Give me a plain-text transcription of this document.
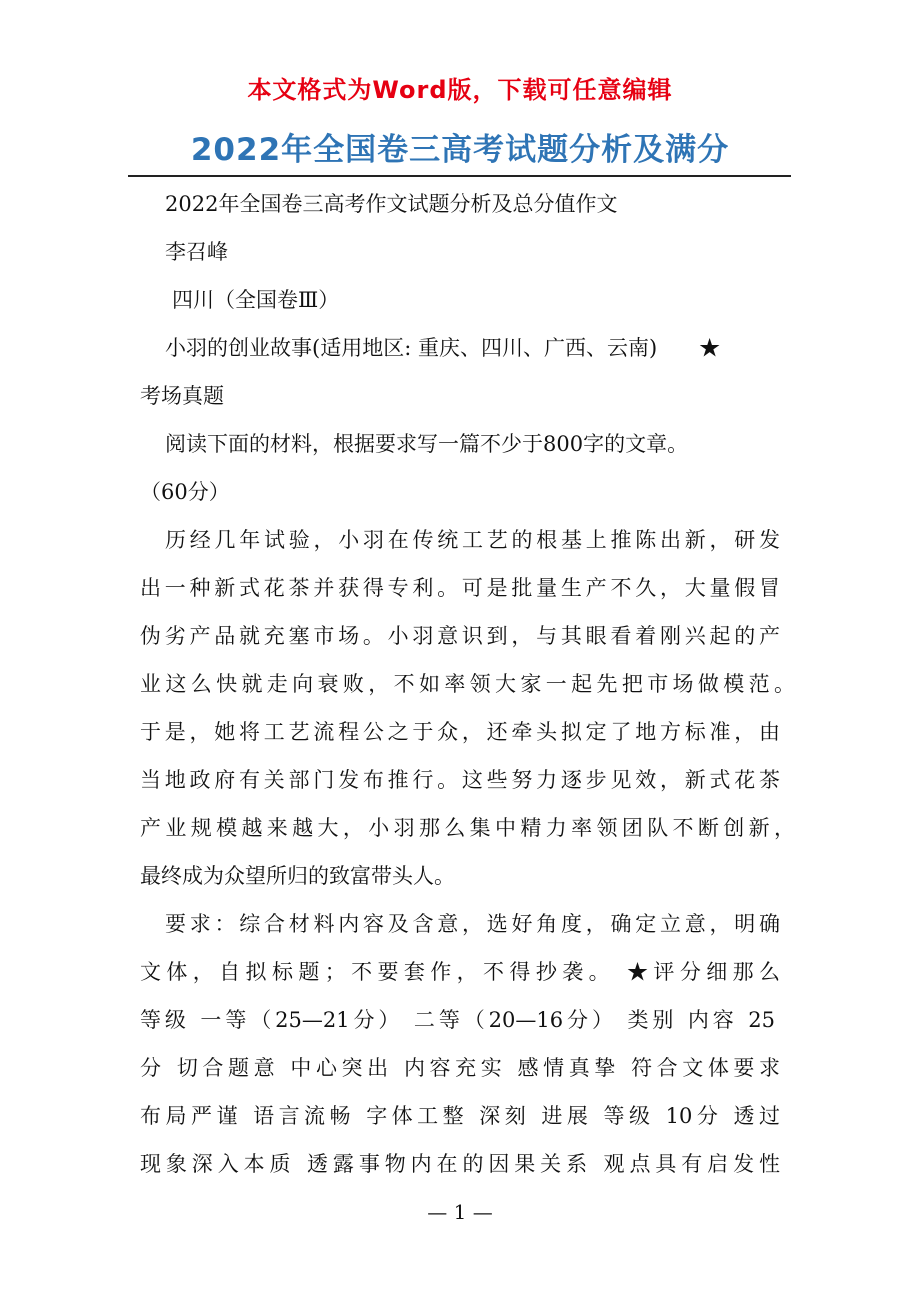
本文格式为Word版，下载可任意编辑
2022年全国卷三高考试题分析及满分
2022年全国卷三高考作文试题分析及总分值作文
李召峰
四川（全国卷Ⅲ）
小羽的创业故事(适用地区: 重庆、四川、广西、云南)　　★
考场真题
阅读下面的材料，根据要求写一篇不少于800字的文章。
（60分）
历经几年试验，小羽在传统工艺的根基上推陈出新，研发
出一种新式花茶并获得专利。可是批量生产不久，大量假冒
伪劣产品就充塞市场。小羽意识到，与其眼看着刚兴起的产
业这么快就走向衰败，不如率领大家一起先把市场做模范。
于是，她将工艺流程公之于众，还牵头拟定了地方标准，由
当地政府有关部门发布推行。这些努力逐步见效，新式花茶
产业规模越来越大，小羽那么集中精力率领团队不断创新，
最终成为众望所归的致富带头人。
要求：综合材料内容及含意，选好角度，确定立意，明确
文体，自拟标题；不要套作，不得抄袭。 ★评分细那么
等级 一等（25—21分） 二等（20—16分） 类别 内容 25
分 切合题意 中心突出 内容充实 感情真挚 符合文体要求
布局严谨 语言流畅 字体工整 深刻 进展 等级 10分 透过
现象深入本质 透露事物内在的因果关系 观点具有启发性
— 1 —
